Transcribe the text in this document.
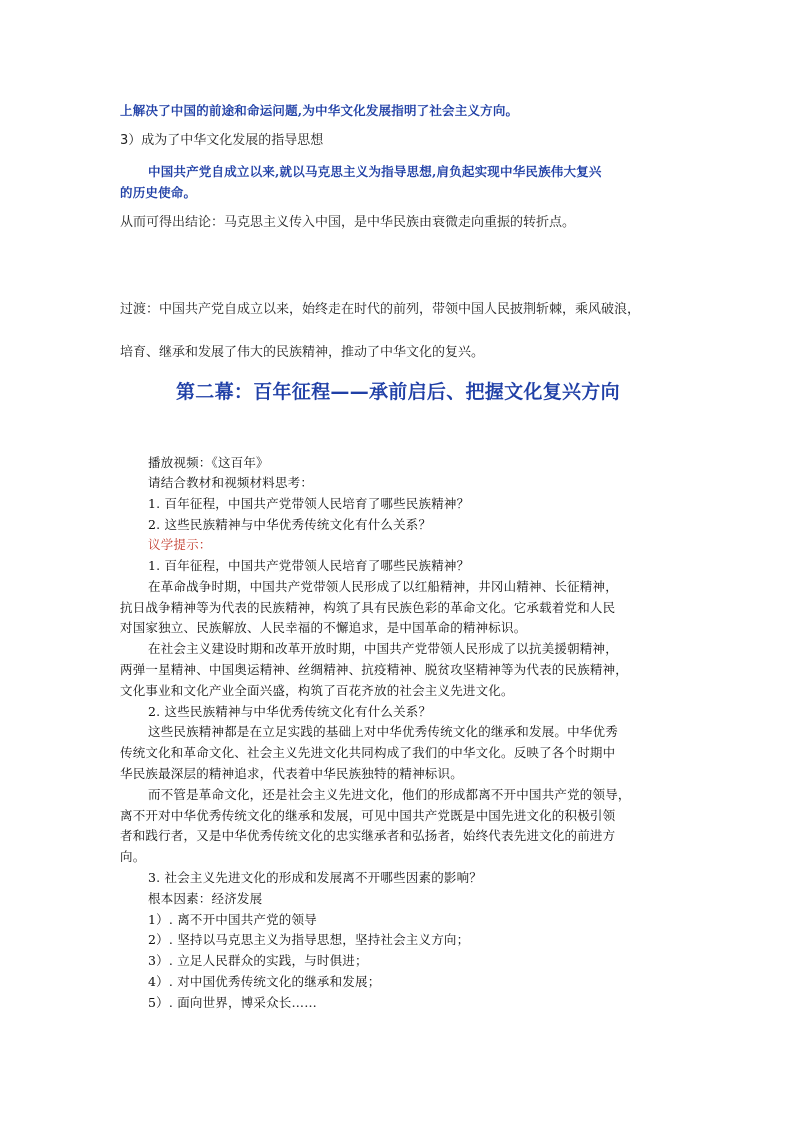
上解决了中国的前途和命运问题,为中华文化发展指明了社会主义方向。
3）成为了中华文化发展的指导思想
中国共产党自成立以来,就以马克思主义为指导思想,肩负起实现中华民族伟大复兴
的历史使命。
从而可得出结论：马克思主义传入中国，是中华民族由衰微走向重振的转折点。
过渡：中国共产党自成立以来，始终走在时代的前列，带领中国人民披荆斩棘，乘风破浪，
培育、继承和发展了伟大的民族精神，推动了中华文化的复兴。
第二幕：百年征程——承前启后、把握文化复兴方向
播放视频：《这百年》
请结合教材和视频材料思考：
1. 百年征程，中国共产党带领人民培育了哪些民族精神？
2. 这些民族精神与中华优秀传统文化有什么关系？
议学提示：
1. 百年征程，中国共产党带领人民培育了哪些民族精神？
在革命战争时期，中国共产党带领人民形成了以红船精神，井冈山精神、长征精神，
抗日战争精神等为代表的民族精神，构筑了具有民族色彩的革命文化。它承载着党和人民
对国家独立、民族解放、人民幸福的不懈追求，是中国革命的精神标识。
在社会主义建设时期和改革开放时期，中国共产党带领人民形成了以抗美援朝精神，
两弹一星精神、中国奥运精神、丝绸精神、抗疫精神、脱贫攻坚精神等为代表的民族精神，
文化事业和文化产业全面兴盛，构筑了百花齐放的社会主义先进文化。
2. 这些民族精神与中华优秀传统文化有什么关系？
这些民族精神都是在立足实践的基础上对中华优秀传统文化的继承和发展。中华优秀
传统文化和革命文化、社会主义先进文化共同构成了我们的中华文化。反映了各个时期中
华民族最深层的精神追求，代表着中华民族独特的精神标识。
而不管是革命文化，还是社会主义先进文化，他们的形成都离不开中国共产党的领导，
离不开对中华优秀传统文化的继承和发展，可见中国共产党既是中国先进文化的积极引领
者和践行者，又是中华优秀传统文化的忠实继承者和弘扬者，始终代表先进文化的前进方
向。
3. 社会主义先进文化的形成和发展离不开哪些因素的影响？
根本因素：经济发展
1）. 离不开中国共产党的领导
2）. 坚持以马克思主义为指导思想，坚持社会主义方向；
3）. 立足人民群众的实践，与时俱进；
4）. 对中国优秀传统文化的继承和发展；
5）. 面向世界，博采众长……
